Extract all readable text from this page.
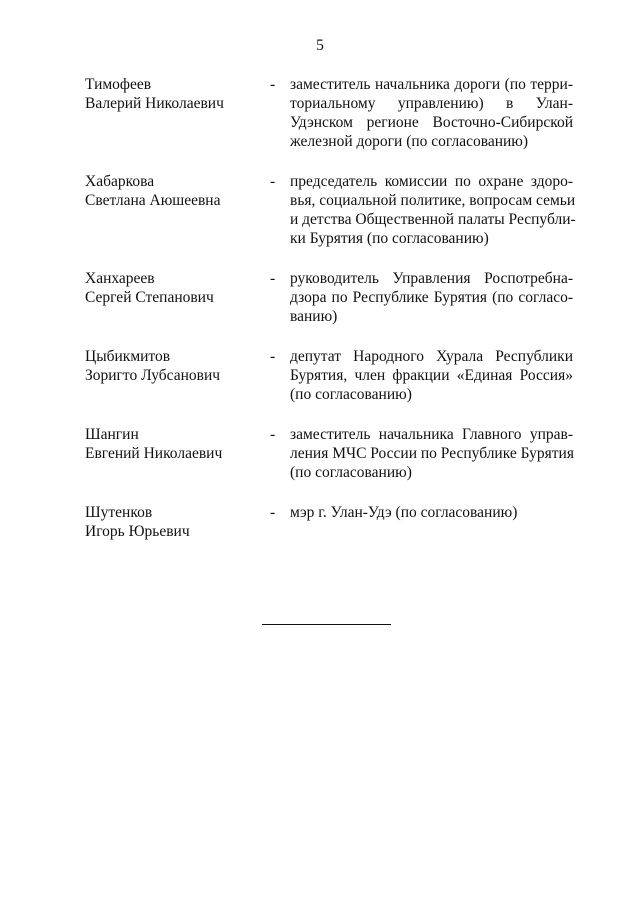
5
Тимофеев
Валерий Николаевич
- заместитель начальника дороги (по терри-
ториальному управлению) в Улан-
Удэнском регионе Восточно-Сибирской
железной дороги (по согласованию)
Хабаркова
Светлана Аюшеевна
- председатель комиссии по охране здоро-
вья, социальной политике, вопросам семьи
и детства Общественной палаты Республи-
ки Бурятия (по согласованию)
Ханхареев
Сергей Степанович
- руководитель Управления Роспотребна-
дзора по Республике Бурятия (по согласо-
ванию)
Цыбикмитов
Зоригто Лубсанович
- депутат Народного Хурала Республики
Бурятия, член фракции «Единая Россия»
(по согласованию)
Шангин
Евгений Николаевич
- заместитель начальника Главного управ-
ления МЧС России по Республике Бурятия
(по согласованию)
Шутенков
Игорь Юрьевич
- мэр г. Улан-Удэ (по согласованию)
